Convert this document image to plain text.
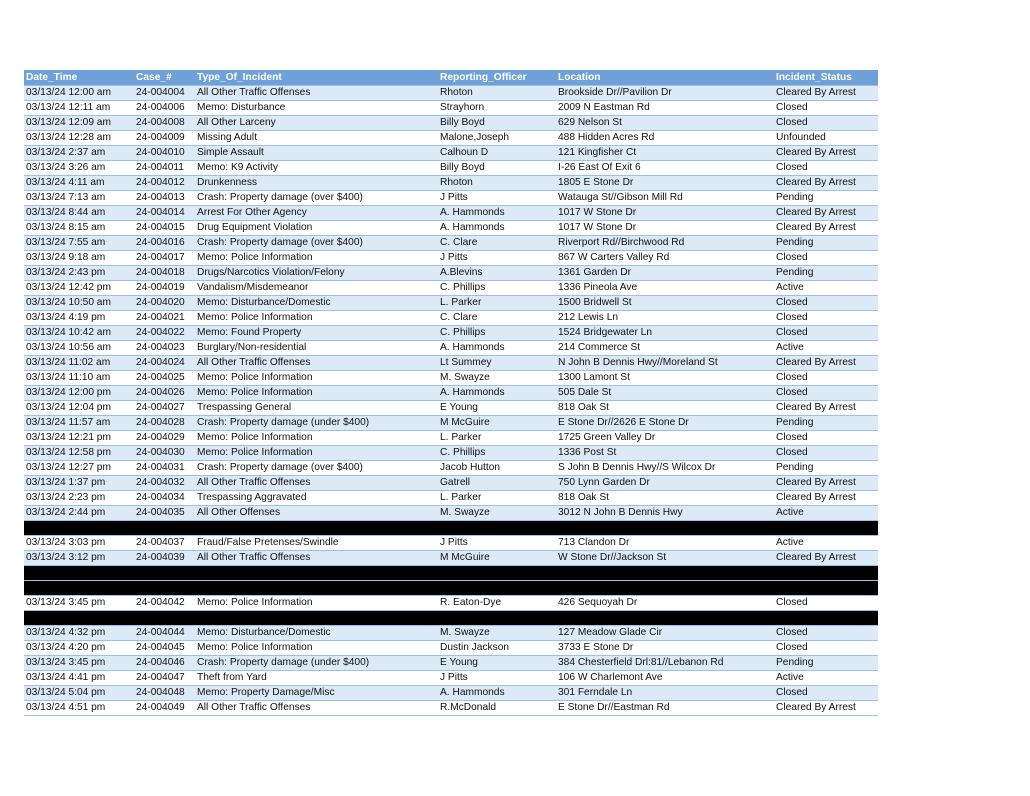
Date_Time	Case_#	Type_Of_Incident	Reporting_Officer	Location	Incident_Status
03/13/24 12:00 am	24-004004	All Other Traffic Offenses	Rhoton	Brookside Dr//Pavilion Dr	Cleared By Arrest
03/13/24 12:11 am	24-004006	Memo: Disturbance	Strayhorn	2009 N Eastman Rd	Closed
03/13/24 12:09 am	24-004008	All Other Larceny	Billy Boyd	629 Nelson St	Closed
03/13/24 12:28 am	24-004009	Missing Adult	Malone,Joseph	488 Hidden Acres Rd	Unfounded
03/13/24 2:37 am	24-004010	Simple Assault	Calhoun D	121 Kingfisher Ct	Cleared By Arrest
03/13/24 3:26 am	24-004011	Memo: K9 Activity	Billy Boyd	I-26 East Of Exit 6	Closed
03/13/24 4:11 am	24-004012	Drunkenness	Rhoton	1805 E Stone Dr	Cleared By Arrest
03/13/24 7:13 am	24-004013	Crash: Property damage (over $400)	J Pitts	Watauga St//Gibson Mill Rd	Pending
03/13/24 8:44 am	24-004014	Arrest For Other Agency	A. Hammonds	1017 W Stone Dr	Cleared By Arrest
03/13/24 8:15 am	24-004015	Drug Equipment Violation	A. Hammonds	1017 W Stone Dr	Cleared By Arrest
03/13/24 7:55 am	24-004016	Crash: Property damage (over $400)	C. Clare	Riverport Rd//Birchwood Rd	Pending
03/13/24 9:18 am	24-004017	Memo: Police Information	J Pitts	867 W Carters Valley Rd	Closed
03/13/24 2:43 pm	24-004018	Drugs/Narcotics Violation/Felony	A.Blevins	1361 Garden Dr	Pending
03/13/24 12:42 pm	24-004019	Vandalism/Misdemeanor	C. Phillips	1336 Pineola Ave	Active
03/13/24 10:50 am	24-004020	Memo: Disturbance/Domestic	L. Parker	1500 Bridwell St	Closed
03/13/24 4:19 pm	24-004021	Memo: Police Information	C. Clare	212 Lewis Ln	Closed
03/13/24 10:42 am	24-004022	Memo: Found Property	C. Phillips	1524 Bridgewater Ln	Closed
03/13/24 10:56 am	24-004023	Burglary/Non-residential	A. Hammonds	214 Commerce St	Active
03/13/24 11:02 am	24-004024	All Other Traffic Offenses	Lt Summey	N John B Dennis Hwy//Moreland St	Cleared By Arrest
03/13/24 11:10 am	24-004025	Memo: Police Information	M. Swayze	1300 Lamont St	Closed
03/13/24 12:00 pm	24-004026	Memo: Police Information	A. Hammonds	505 Dale St	Closed
03/13/24 12:04 pm	24-004027	Trespassing General	E Young	818 Oak St	Cleared By Arrest
03/13/24 11:57 am	24-004028	Crash: Property damage (under $400)	M McGuire	E Stone Dr//2626 E Stone Dr	Pending
03/13/24 12:21 pm	24-004029	Memo: Police Information	L. Parker	1725 Green Valley Dr	Closed
03/13/24 12:58 pm	24-004030	Memo: Police Information	C. Phillips	1336 Post St	Closed
03/13/24 12:27 pm	24-004031	Crash: Property damage (over $400)	Jacob Hutton	S John B Dennis Hwy//S Wilcox Dr	Pending
03/13/24 1:37 pm	24-004032	All Other Traffic Offenses	Gatrell	750 Lynn Garden Dr	Cleared By Arrest
03/13/24 2:23 pm	24-004034	Trespassing Aggravated	L. Parker	818 Oak St	Cleared By Arrest
03/13/24 2:44 pm	24-004035	All Other Offenses	M. Swayze	3012 N John B Dennis Hwy	Active

03/13/24 3:03 pm	24-004037	Fraud/False Pretenses/Swindle	J Pitts	713 Clandon Dr	Active
03/13/24 3:12 pm	24-004039	All Other Traffic Offenses	M McGuire	W Stone Dr//Jackson St	Cleared By Arrest

03/13/24 3:45 pm	24-004042	Memo: Police Information	R. Eaton-Dye	426 Sequoyah Dr	Closed

03/13/24 4:32 pm	24-004044	Memo: Disturbance/Domestic	M. Swayze	127 Meadow Glade Cir	Closed
03/13/24 4:20 pm	24-004045	Memo: Police Information	Dustin Jackson	3733 E Stone Dr	Closed
03/13/24 3:45 pm	24-004046	Crash: Property damage (under $400)	E Young	384 Chesterfield Drl:81//Lebanon Rd	Pending
03/13/24 4:41 pm	24-004047	Theft from Yard	J Pitts	106 W Charlemont Ave	Active
03/13/24 5:04 pm	24-004048	Memo: Property Damage/Misc	A. Hammonds	301 Ferndale Ln	Closed
03/13/24 4:51 pm	24-004049	All Other Traffic Offenses	R.McDonald	E Stone Dr//Eastman Rd	Cleared By Arrest
